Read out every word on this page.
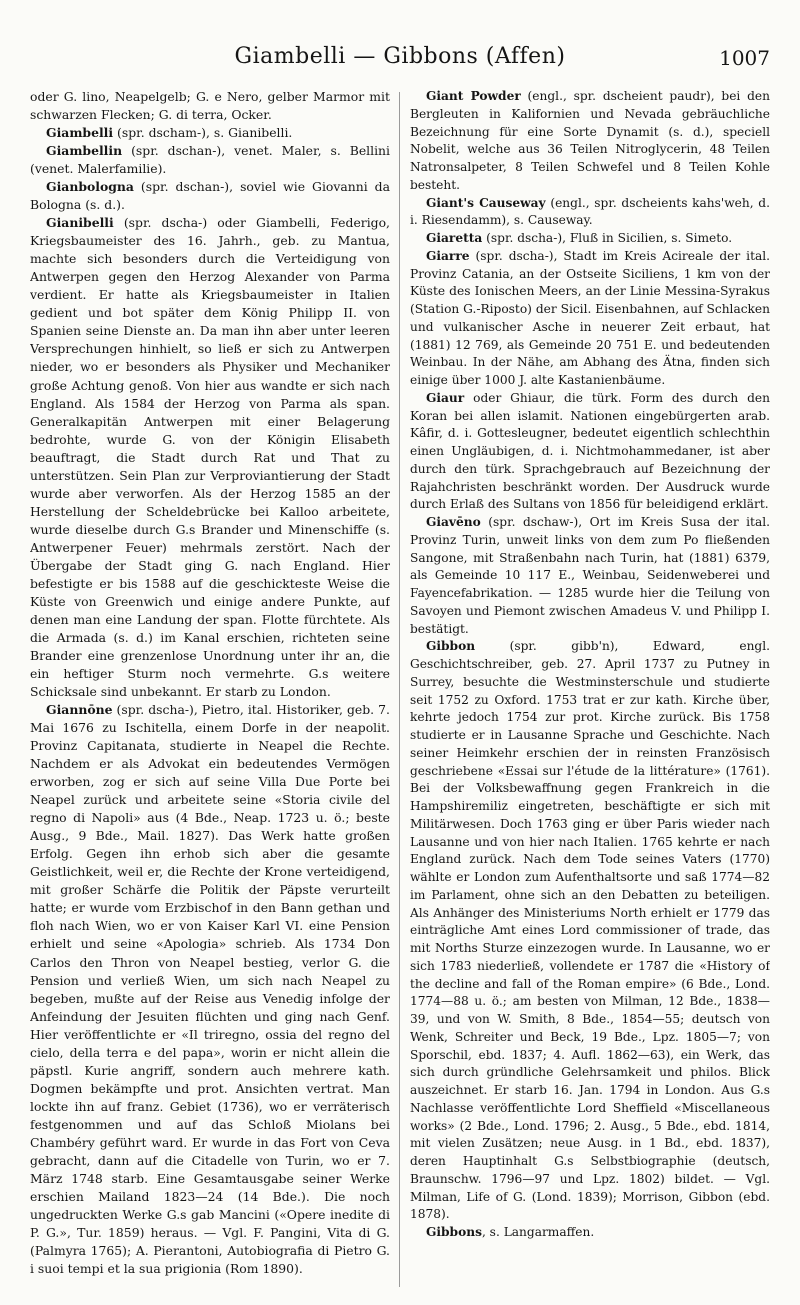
Giambelli — Gibbons (Affen)	1007

oder G. lino, Neapelgelb; G. e Nero, gelber Marmor mit schwarzen Flecken; G. di terra, Ocker.

Giambelli (spr. dscham-), s. Gianibelli.

Giambellin (spr. dschan-), venet. Maler, s. Bellini (venet. Malerfamilie).

Gianbologna (spr. dschan-), soviel wie Giovanni da Bologna (s. d.).

Gianibelli (spr. dscha-) oder Giambelli, Federigo, Kriegsbaumeister des 16. Jahrh., geb. zu Mantua, machte sich besonders durch die Verteidigung von Antwerpen gegen den Herzog Alexander von Parma verdient. Er hatte als Kriegsbaumeister in Italien gedient und bot später dem König Philipp II. von Spanien seine Dienste an. Da man ihn aber unter leeren Versprechungen hinhielt, so ließ er sich zu Antwerpen nieder, wo er besonders als Physiker und Mechaniker große Achtung genoß. Von hier aus wandte er sich nach England. Als 1584 der Herzog von Parma als span. Generalkapitän Antwerpen mit einer Belagerung bedrohte, wurde G. von der Königin Elisabeth beauftragt, die Stadt durch Rat und That zu unterstützen. Sein Plan zur Verproviantierung der Stadt wurde aber verworfen. Als der Herzog 1585 an der Herstellung der Scheldebrücke bei Kalloo arbeitete, wurde dieselbe durch G.s Brander und Minenschiffe (s. Antwerpener Feuer) mehrmals zerstört. Nach der Übergabe der Stadt ging G. nach England. Hier befestigte er bis 1588 auf die geschickteste Weise die Küste von Greenwich und einige andere Punkte, auf denen man eine Landung der span. Flotte fürchtete. Als die Armada (s. d.) im Kanal erschien, richteten seine Brander eine grenzenlose Unordnung unter ihr an, die ein heftiger Sturm noch vermehrte. G.s weitere Schicksale sind unbekannt. Er starb zu London.

Giannōne (spr. dscha-), Pietro, ital. Historiker, geb. 7. Mai 1676 zu Ischitella, einem Dorfe in der neapolit. Provinz Capitanata, studierte in Neapel die Rechte. Nachdem er als Advokat ein bedeutendes Vermögen erworben, zog er sich auf seine Villa Due Porte bei Neapel zurück und arbeitete seine «Storia civile del regno di Napoli» aus (4 Bde., Neap. 1723 u. ö.; beste Ausg., 9 Bde., Mail. 1827). Das Werk hatte großen Erfolg. Gegen ihn erhob sich aber die gesamte Geistlichkeit, weil er, die Rechte der Krone verteidigend, mit großer Schärfe die Politik der Päpste verurteilt hatte; er wurde vom Erzbischof in den Bann gethan und floh nach Wien, wo er von Kaiser Karl VI. eine Pension erhielt und seine «Apologia» schrieb. Als 1734 Don Carlos den Thron von Neapel bestieg, verlor G. die Pension und verließ Wien, um sich nach Neapel zu begeben, mußte auf der Reise aus Venedig infolge der Anfeindung der Jesuiten flüchten und ging nach Genf. Hier veröffentlichte er «Il triregno, ossia del regno del cielo, della terra e del papa», worin er nicht allein die päpstl. Kurie angriff, sondern auch mehrere kath. Dogmen bekämpfte und prot. Ansichten vertrat. Man lockte ihn auf franz. Gebiet (1736), wo er verräterisch festgenommen und auf das Schloß Miolans bei Chambéry geführt ward. Er wurde in das Fort von Ceva gebracht, dann auf die Citadelle von Turin, wo er 7. März 1748 starb. Eine Gesamtausgabe seiner Werke erschien Mailand 1823—24 (14 Bde.). Die noch ungedruckten Werke G.s gab Mancini («Opere inedite di P. G.», Tur. 1859) heraus. — Vgl. F. Pangini, Vita di G. (Palmyra 1765); A. Pierantoni, Autobiografia di Pietro G. i suoi tempi et la sua prigionia (Rom 1890).

Giant Powder (engl., spr. dscheient paudr), bei den Bergleuten in Kalifornien und Nevada gebräuchliche Bezeichnung für eine Sorte Dynamit (s. d.), speciell Nobelit, welche aus 36 Teilen Nitroglycerin, 48 Teilen Natronsalpeter, 8 Teilen Schwefel und 8 Teilen Kohle besteht.

Giant's Causeway (engl., spr. dscheients kahs'weh, d. i. Riesendamm), s. Causeway.

Giaretta (spr. dscha-), Fluß in Sicilien, s. Simeto.

Giarre (spr. dscha-), Stadt im Kreis Acireale der ital. Provinz Catania, an der Ostseite Siciliens, 1 km von der Küste des Ionischen Meers, an der Linie Messina-Syrakus (Station G.-Riposto) der Sicil. Eisenbahnen, auf Schlacken und vulkanischer Asche in neuerer Zeit erbaut, hat (1881) 12 769, als Gemeinde 20 751 E. und bedeutenden Weinbau. In der Nähe, am Abhang des Ätna, finden sich einige über 1000 J. alte Kastanienbäume.

Giaur oder Ghiaur, die türk. Form des durch den Koran bei allen islamit. Nationen eingebürgerten arab. Kâfir, d. i. Gottesleugner, bedeutet eigentlich schlechthin einen Ungläubigen, d. i. Nichtmohammedaner, ist aber durch den türk. Sprachgebrauch auf Bezeichnung der Rajahchristen beschränkt worden. Der Ausdruck wurde durch Erlaß des Sultans von 1856 für beleidigend erklärt.

Giavēno (spr. dschaw-), Ort im Kreis Susa der ital. Provinz Turin, unweit links von dem zum Po fließenden Sangone, mit Straßenbahn nach Turin, hat (1881) 6379, als Gemeinde 10 117 E., Weinbau, Seidenweberei und Fayencefabrikation. — 1285 wurde hier die Teilung von Savoyen und Piemont zwischen Amadeus V. und Philipp I. bestätigt.

Gibbon (spr. gibb'n), Edward, engl. Geschichtschreiber, geb. 27. April 1737 zu Putney in Surrey, besuchte die Westminsterschule und studierte seit 1752 zu Oxford. 1753 trat er zur kath. Kirche über, kehrte jedoch 1754 zur prot. Kirche zurück. Bis 1758 studierte er in Lausanne Sprache und Geschichte. Nach seiner Heimkehr erschien der in reinsten Französisch geschriebene «Essai sur l'étude de la littérature» (1761). Bei der Volksbewaffnung gegen Frankreich in die Hampshiremiliz eingetreten, beschäftigte er sich mit Militärwesen. Doch 1763 ging er über Paris wieder nach Lausanne und von hier nach Italien. 1765 kehrte er nach England zurück. Nach dem Tode seines Vaters (1770) wählte er London zum Aufenthaltsorte und saß 1774—82 im Parlament, ohne sich an den Debatten zu beteiligen. Als Anhänger des Ministeriums North erhielt er 1779 das einträgliche Amt eines Lord commissioner of trade, das mit Norths Sturze einzezogen wurde. In Lausanne, wo er sich 1783 niederließ, vollendete er 1787 die «History of the decline and fall of the Roman empire» (6 Bde., Lond. 1774—88 u. ö.; am besten von Milman, 12 Bde., 1838—39, und von W. Smith, 8 Bde., 1854—55; deutsch von Wenk, Schreiter und Beck, 19 Bde., Lpz. 1805—7; von Sporschil, ebd. 1837; 4. Aufl. 1862—63), ein Werk, das sich durch gründliche Gelehrsamkeit und philos. Blick auszeichnet. Er starb 16. Jan. 1794 in London. Aus G.s Nachlasse veröffentlichte Lord Sheffield «Miscellaneous works» (2 Bde., Lond. 1796; 2. Ausg., 5 Bde., ebd. 1814, mit vielen Zusätzen; neue Ausg. in 1 Bd., ebd. 1837), deren Hauptinhalt G.s Selbstbiographie (deutsch, Braunschw. 1796—97 und Lpz. 1802) bildet. — Vgl. Milman, Life of G. (Lond. 1839); Morrison, Gibbon (ebd. 1878).

Gibbons, s. Langarmaffen.
